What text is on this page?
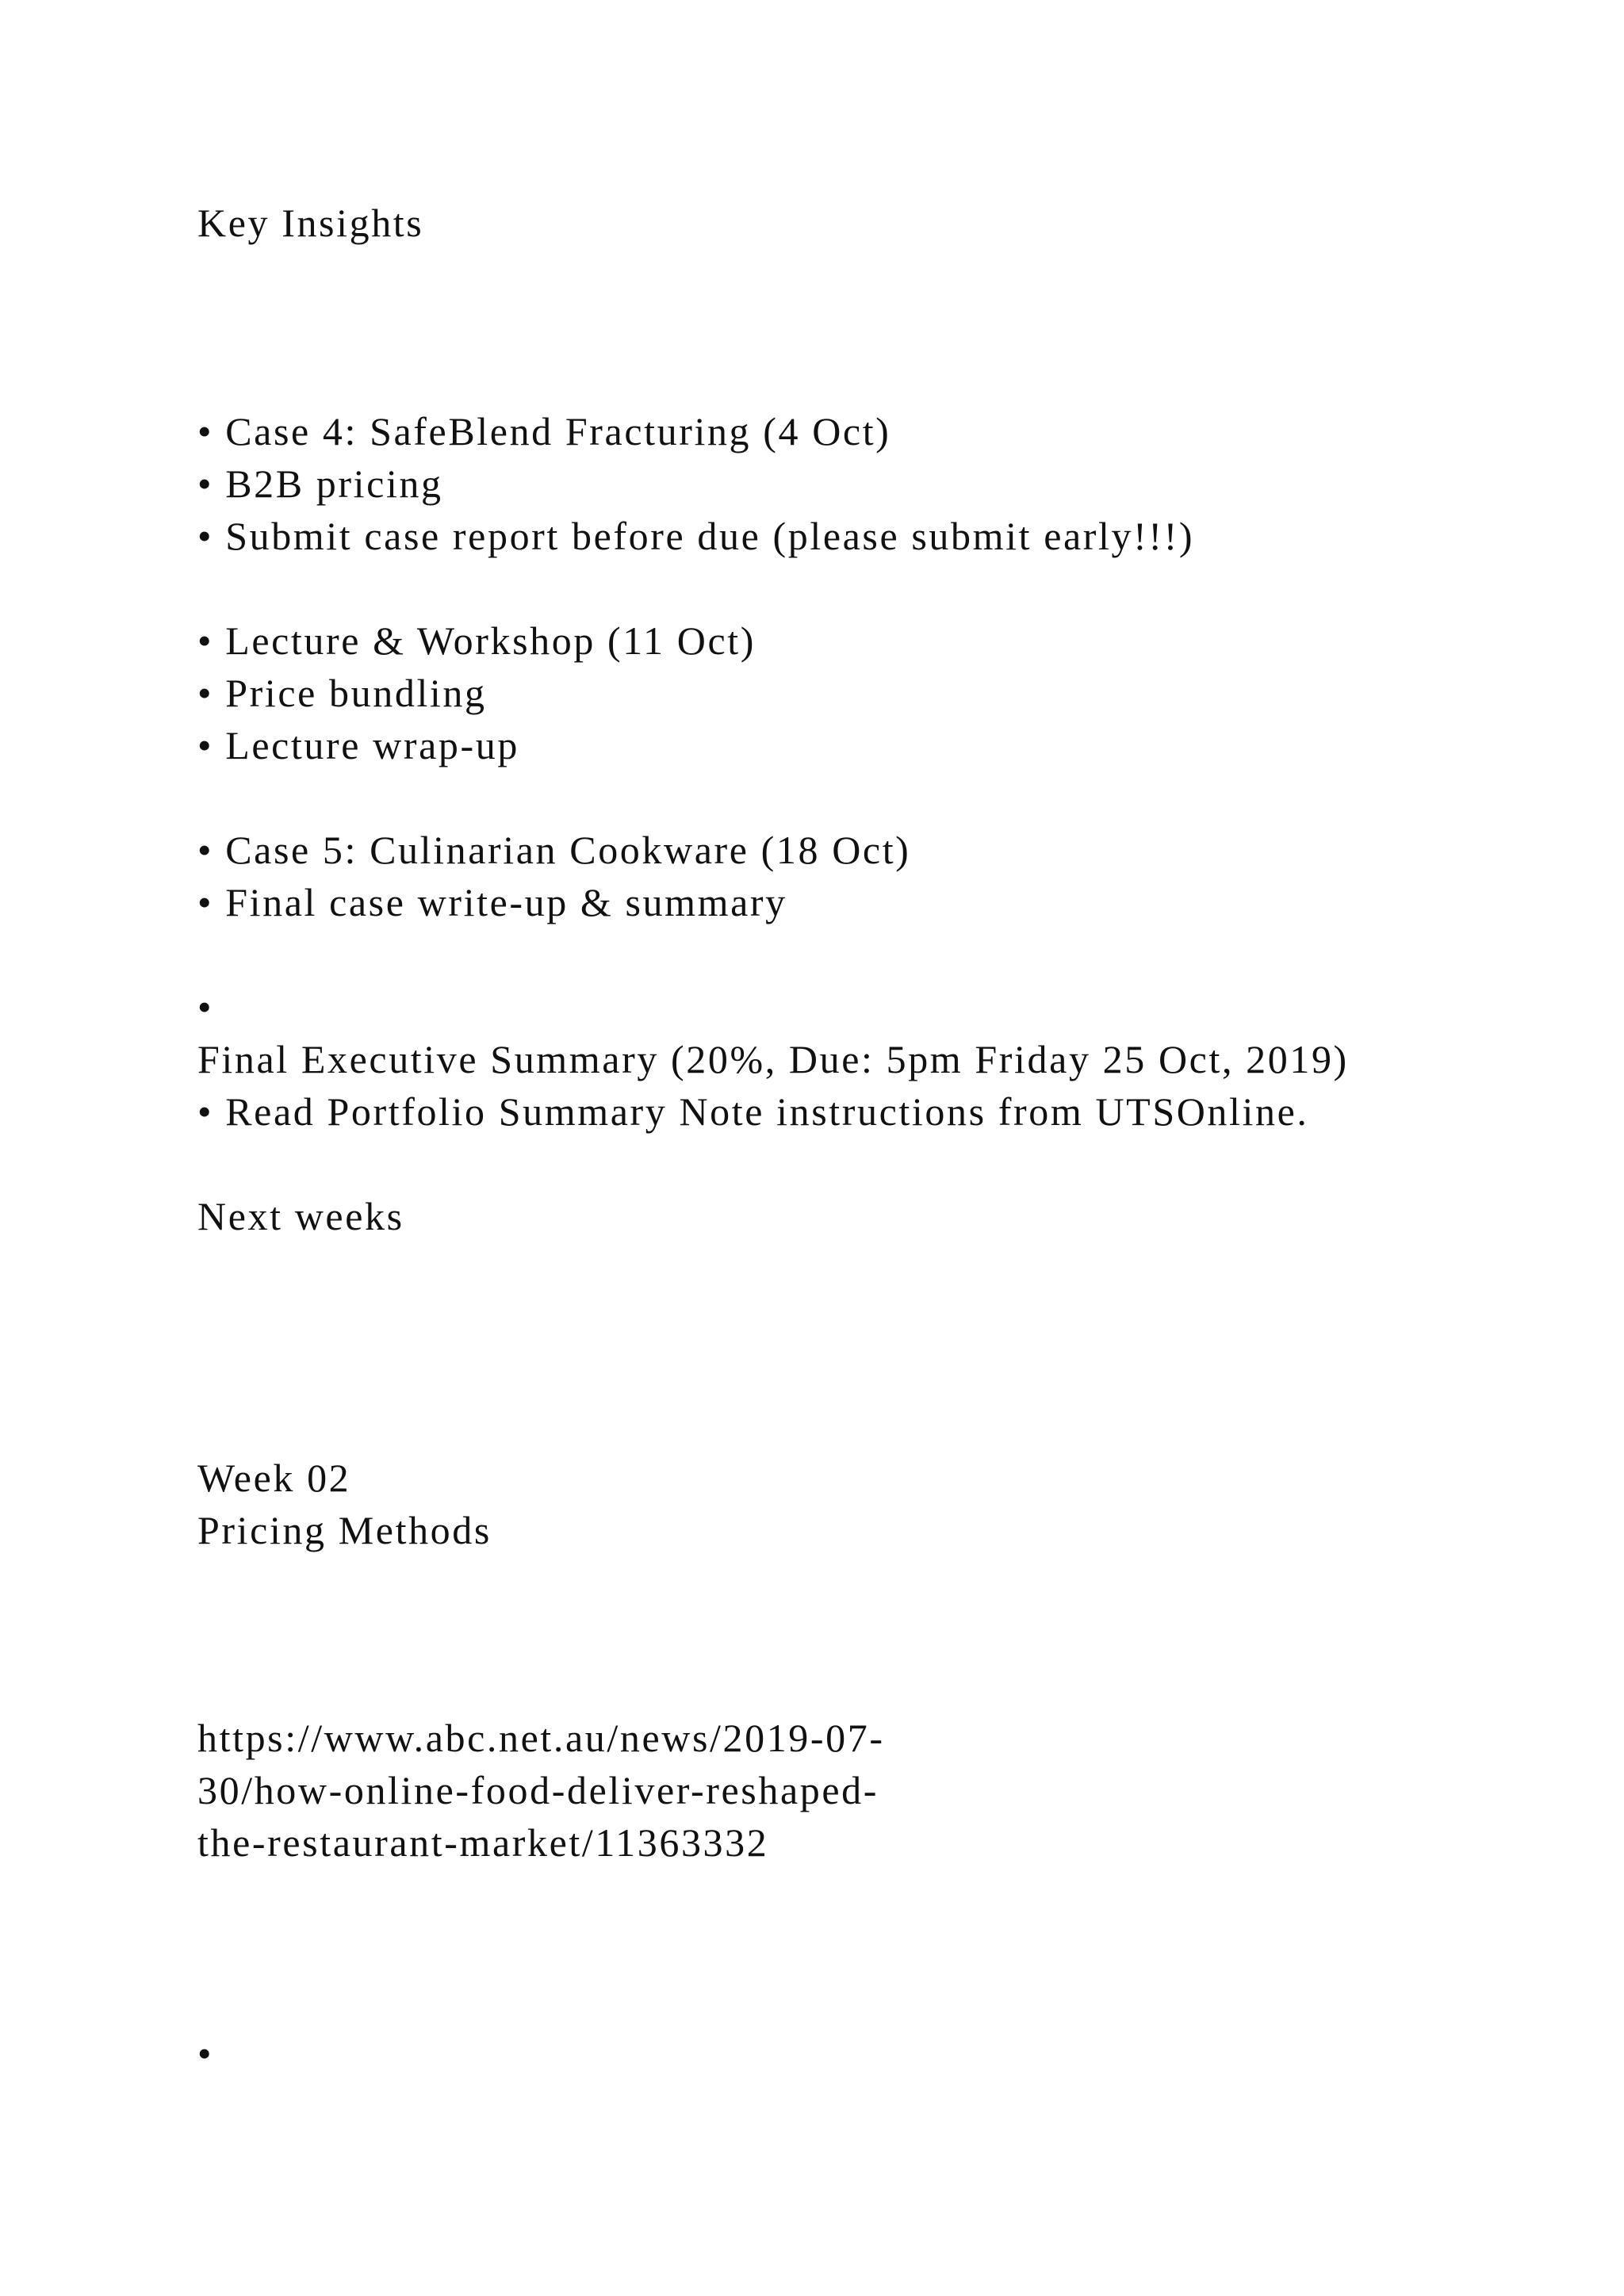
Key Insights

• Case 4: SafeBlend Fracturing (4 Oct)

• B2B pricing

• Submit case report before due (please submit early!!!)

• Lecture & Workshop (11 Oct)

• Price bundling

• Lecture wrap-up

• Case 5: Culinarian Cookware (18 Oct)

• Final case write-up & summary

•

Final Executive Summary (20%, Due: 5pm Friday 25 Oct, 2019)

• Read Portfolio Summary Note instructions from UTSOnline.

Next weeks

Week 02

Pricing Methods

https://www.abc.net.au/news/2019-07-

30/how-online-food-deliver-reshaped-

the-restaurant-market/11363332

•
